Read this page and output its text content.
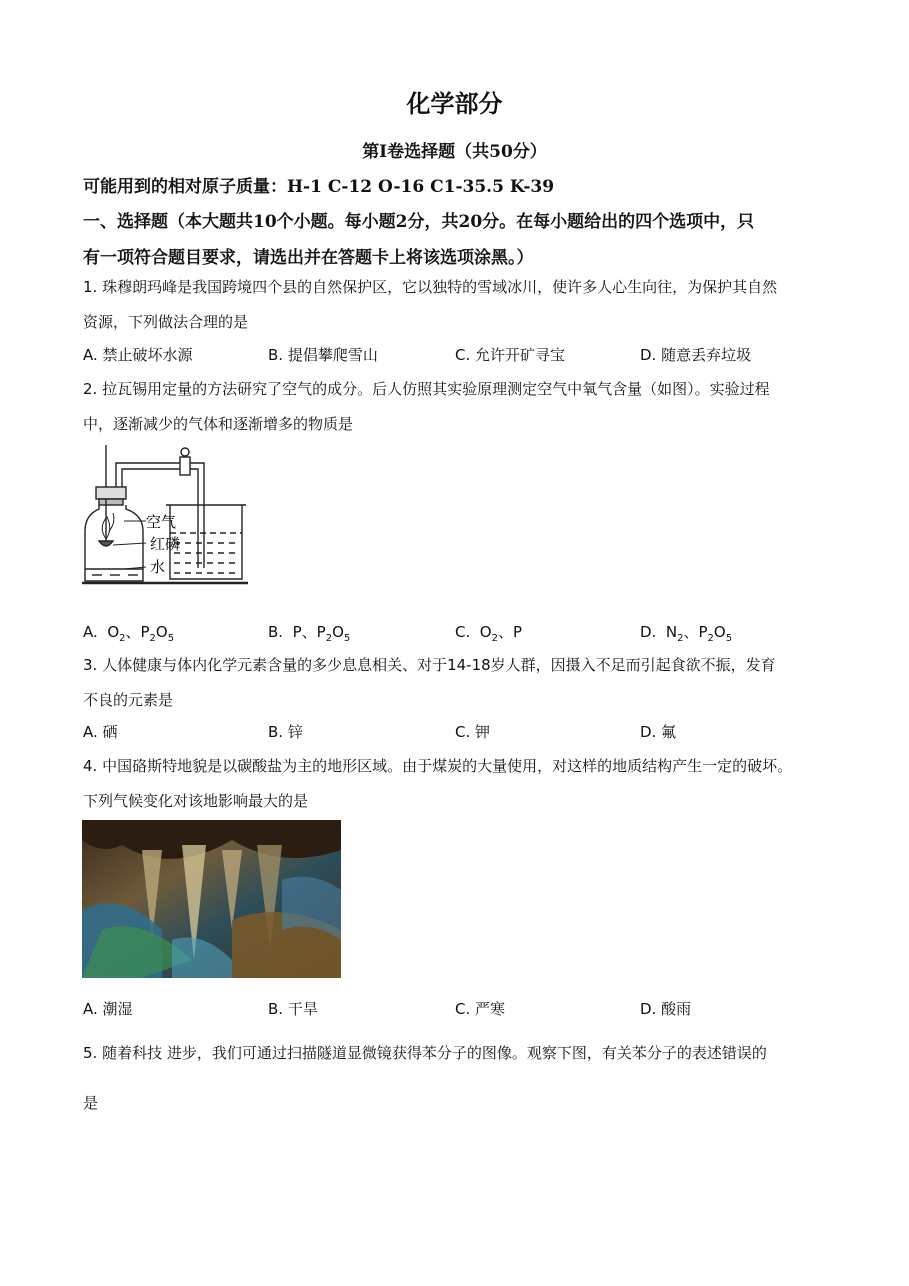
化学部分
第I卷选择题（共50分）
可能用到的相对原子质量：H-1 C-12 O-16 C1-35.5 K-39
一、选择题（本大题共10个小题。每小题2分，共20分。在每小题给出的四个选项中，只
有一项符合题目要求，请选出并在答题卡上将该选项涂黑。）
1. 珠穆朗玛峰是我国跨境四个县的自然保护区，它以独特的雪域冰川，使许多人心生向往，为保护其自然
资源，下列做法合理的是
A. 禁止破坏水源	B. 提倡攀爬雪山	C. 允许开矿寻宝	D. 随意丢弃垃圾
2. 拉瓦锡用定量的方法研究了空气的成分。后人仿照其实验原理测定空气中氧气含量（如图）。实验过程
中，逐渐减少的气体和逐渐增多的物质是
空气
红磷
水
A. $O_2$、$P_2O_5$	B. P、$P_2O_5$	C. $O_2$、P	D. $N_2$、$P_2O_5$
3. 人体健康与体内化学元素含量的多少息息相关、对于14-18岁人群，因摄入不足而引起食欲不振，发育
不良的元素是
A. 硒	B. 锌	C. 钾	D. 氟
4. 中国硌斯特地貌是以碳酸盐为主的地形区域。由于煤炭的大量使用，对这样的地质结构产生一定的破坏。
下列气候变化对该地影响最大的是
A. 潮湿	B. 干旱	C. 严寒	D. 酸雨
5. 随着科技 进步，我们可通过扫描隧道显微镜获得苯分子的图像。观察下图，有关苯分子的表述错误的
是
